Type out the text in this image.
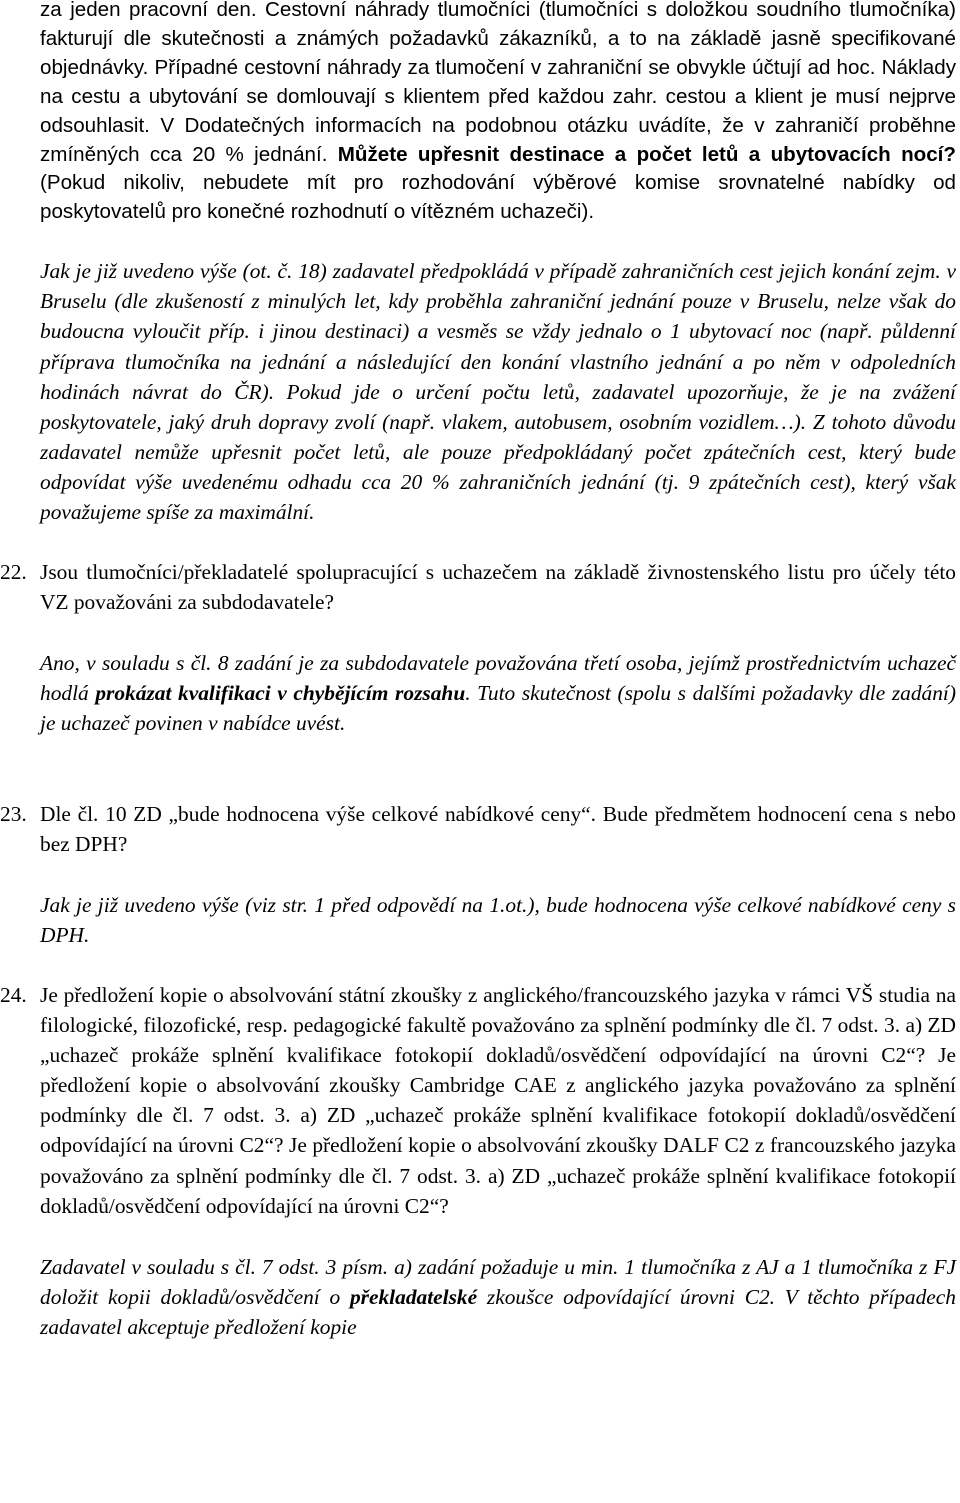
za jeden pracovní den. Cestovní náhrady tlumočníci (tlumočníci s doložkou soudního tlumočníka) fakturují dle skutečnosti a známých požadavků zákazníků, a to na základě jasně specifikované objednávky. Případné cestovní náhrady za tlumočení v zahraniční se obvykle účtují ad hoc. Náklady na cestu a ubytování se domlouvají s klientem před každou zahr. cestou a klient je musí nejprve odsouhlasit. V Dodatečných informacích na podobnou otázku uvádíte, že v zahraničí proběhne zmíněných cca 20 % jednání. Můžete upřesnit destinace a počet letů a ubytovacích nocí? (Pokud nikoliv, nebudete mít pro rozhodování výběrové komise srovnatelné nabídky od poskytovatelů pro konečné rozhodnutí o vítězném uchazeči).

Jak je již uvedeno výše (ot. č. 18) zadavatel předpokládá v případě zahraničních cest jejich konání zejm. v Bruselu (dle zkušeností z minulých let, kdy proběhla zahraniční jednání pouze v Bruselu, nelze však do budoucna vyloučit příp. i jinou destinaci) a vesměs se vždy jednalo o 1 ubytovací noc (např. půldenní příprava tlumočníka na jednání a následující den konání vlastního jednání a po něm v odpoledních hodinách návrat do ČR). Pokud jde o určení počtu letů, zadavatel upozorňuje, že je na zvážení poskytovatele, jaký druh dopravy zvolí (např. vlakem, autobusem, osobním vozidlem…). Z tohoto důvodu zadavatel nemůže upřesnit počet letů, ale pouze předpokládaný počet zpátečních cest, který bude odpovídat výše uvedenému odhadu cca 20 % zahraničních jednání (tj. 9 zpátečních cest), který však považujeme spíše za maximální.

22. Jsou tlumočníci/překladatelé spolupracující s uchazečem na základě živnostenského listu pro účely této VZ považováni za subdodavatele?

Ano, v souladu s čl. 8 zadání je za subdodavatele považována třetí osoba, jejímž prostřednictvím uchazeč hodlá prokázat kvalifikaci v chybějícím rozsahu. Tuto skutečnost (spolu s dalšími požadavky dle zadání) je uchazeč povinen v nabídce uvést.

23. Dle čl. 10 ZD „bude hodnocena výše celkové nabídkové ceny“. Bude předmětem hodnocení cena s nebo bez DPH?

Jak je již uvedeno výše (viz str. 1 před odpovědí na 1.ot.), bude hodnocena výše celkové nabídkové ceny s DPH.

24. Je předložení kopie o absolvování státní zkoušky z anglického/francouzského jazyka v rámci VŠ studia na filologické, filozofické, resp. pedagogické fakultě považováno za splnění podmínky dle čl. 7 odst. 3. a) ZD „uchazeč prokáže splnění kvalifikace fotokopií dokladů/osvědčení odpovídající na úrovni C2“? Je předložení kopie o absolvování zkoušky Cambridge CAE z anglického jazyka považováno za splnění podmínky dle čl. 7 odst. 3. a) ZD „uchazeč prokáže splnění kvalifikace fotokopií dokladů/osvědčení odpovídající na úrovni C2“? Je předložení kopie o absolvování zkoušky DALF C2 z francouzského jazyka považováno za splnění podmínky dle čl. 7 odst. 3. a) ZD „uchazeč prokáže splnění kvalifikace fotokopií dokladů/osvědčení odpovídající na úrovni C2“?

Zadavatel v souladu s čl. 7 odst. 3 písm. a) zadání požaduje u min. 1 tlumočníka z AJ a 1 tlumočníka z FJ doložit kopii dokladů/osvědčení o překladatelské zkoušce odpovídající úrovni C2. V těchto případech zadavatel akceptuje předložení kopie
